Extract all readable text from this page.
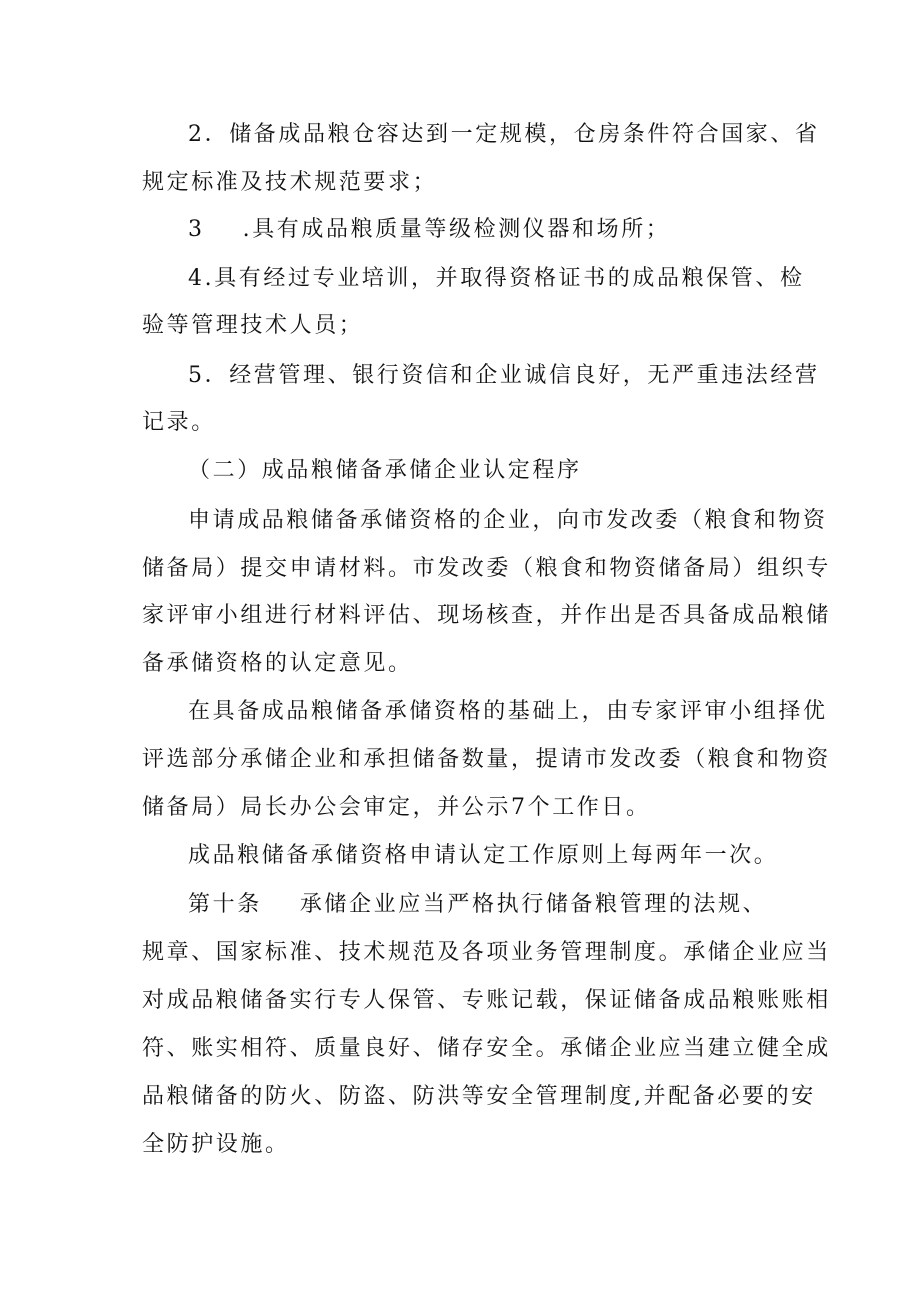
2．储备成品粮仓容达到一定规模，仓房条件符合国家、省
规定标准及技术规范要求；
3 .具有成品粮质量等级检测仪器和场所；
4.具有经过专业培训，并取得资格证书的成品粮保管、检
验等管理技术人员；
5．经营管理、银行资信和企业诚信良好，无严重违法经营
记录。
（二）成品粮储备承储企业认定程序
申请成品粮储备承储资格的企业，向市发改委（粮食和物资
储备局）提交申请材料。市发改委（粮食和物资储备局）组织专
家评审小组进行材料评估、现场核查，并作出是否具备成品粮储
备承储资格的认定意见。
在具备成品粮储备承储资格的基础上，由专家评审小组择优
评选部分承储企业和承担储备数量，提请市发改委（粮食和物资
储备局）局长办公会审定，并公示7个工作日。
成品粮储备承储资格申请认定工作原则上每两年一次。
第十条 承储企业应当严格执行储备粮管理的法规、
规章、国家标准、技术规范及各项业务管理制度。承储企业应当
对成品粮储备实行专人保管、专账记载，保证储备成品粮账账相
符、账实相符、质量良好、储存安全。承储企业应当建立健全成
品粮储备的防火、防盗、防洪等安全管理制度,并配备必要的安
全防护设施。
